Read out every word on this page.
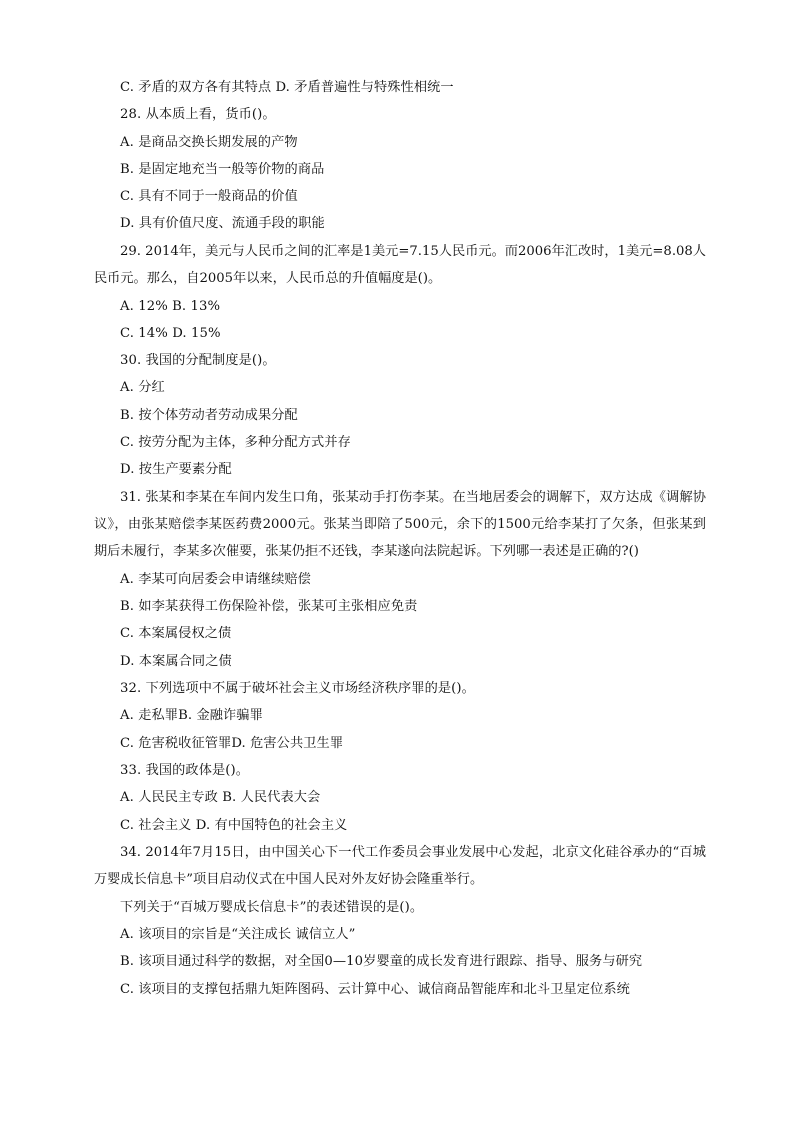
C. 矛盾的双方各有其特点 D. 矛盾普遍性与特殊性相统一
28. 从本质上看，货币()。
A. 是商品交换长期发展的产物
B. 是固定地充当一般等价物的商品
C. 具有不同于一般商品的价值
D. 具有价值尺度、流通手段的职能
29. 2014年，美元与人民币之间的汇率是1美元=7.15人民币元。而2006年汇改时，1美元=8.08人民币元。那么，自2005年以来，人民币总的升值幅度是()。
A. 12% B. 13%
C. 14% D. 15%
30. 我国的分配制度是()。
A. 分红
B. 按个体劳动者劳动成果分配
C. 按劳分配为主体，多种分配方式并存
D. 按生产要素分配
31. 张某和李某在车间内发生口角，张某动手打伤李某。在当地居委会的调解下，双方达成《调解协议》，由张某赔偿李某医药费2000元。张某当即陪了500元，余下的1500元给李某打了欠条，但张某到期后未履行，李某多次催要，张某仍拒不还钱，李某遂向法院起诉。下列哪一表述是正确的?()
A. 李某可向居委会申请继续赔偿
B. 如李某获得工伤保险补偿，张某可主张相应免责
C. 本案属侵权之债
D. 本案属合同之债
32. 下列选项中不属于破坏社会主义市场经济秩序罪的是()。
A. 走私罪B. 金融诈骗罪
C. 危害税收征管罪D. 危害公共卫生罪
33. 我国的政体是()。
A. 人民民主专政 B. 人民代表大会
C. 社会主义 D. 有中国特色的社会主义
34. 2014年7月15日，由中国关心下一代工作委员会事业发展中心发起，北京文化硅谷承办的“百城万婴成长信息卡”项目启动仪式在中国人民对外友好协会隆重举行。
下列关于“百城万婴成长信息卡”的表述错误的是()。
A. 该项目的宗旨是“关注成长 诚信立人”
B. 该项目通过科学的数据，对全国0—10岁婴童的成长发育进行跟踪、指导、服务与研究
C. 该项目的支撑包括鼎九矩阵图码、云计算中心、诚信商品智能库和北斗卫星定位系统
